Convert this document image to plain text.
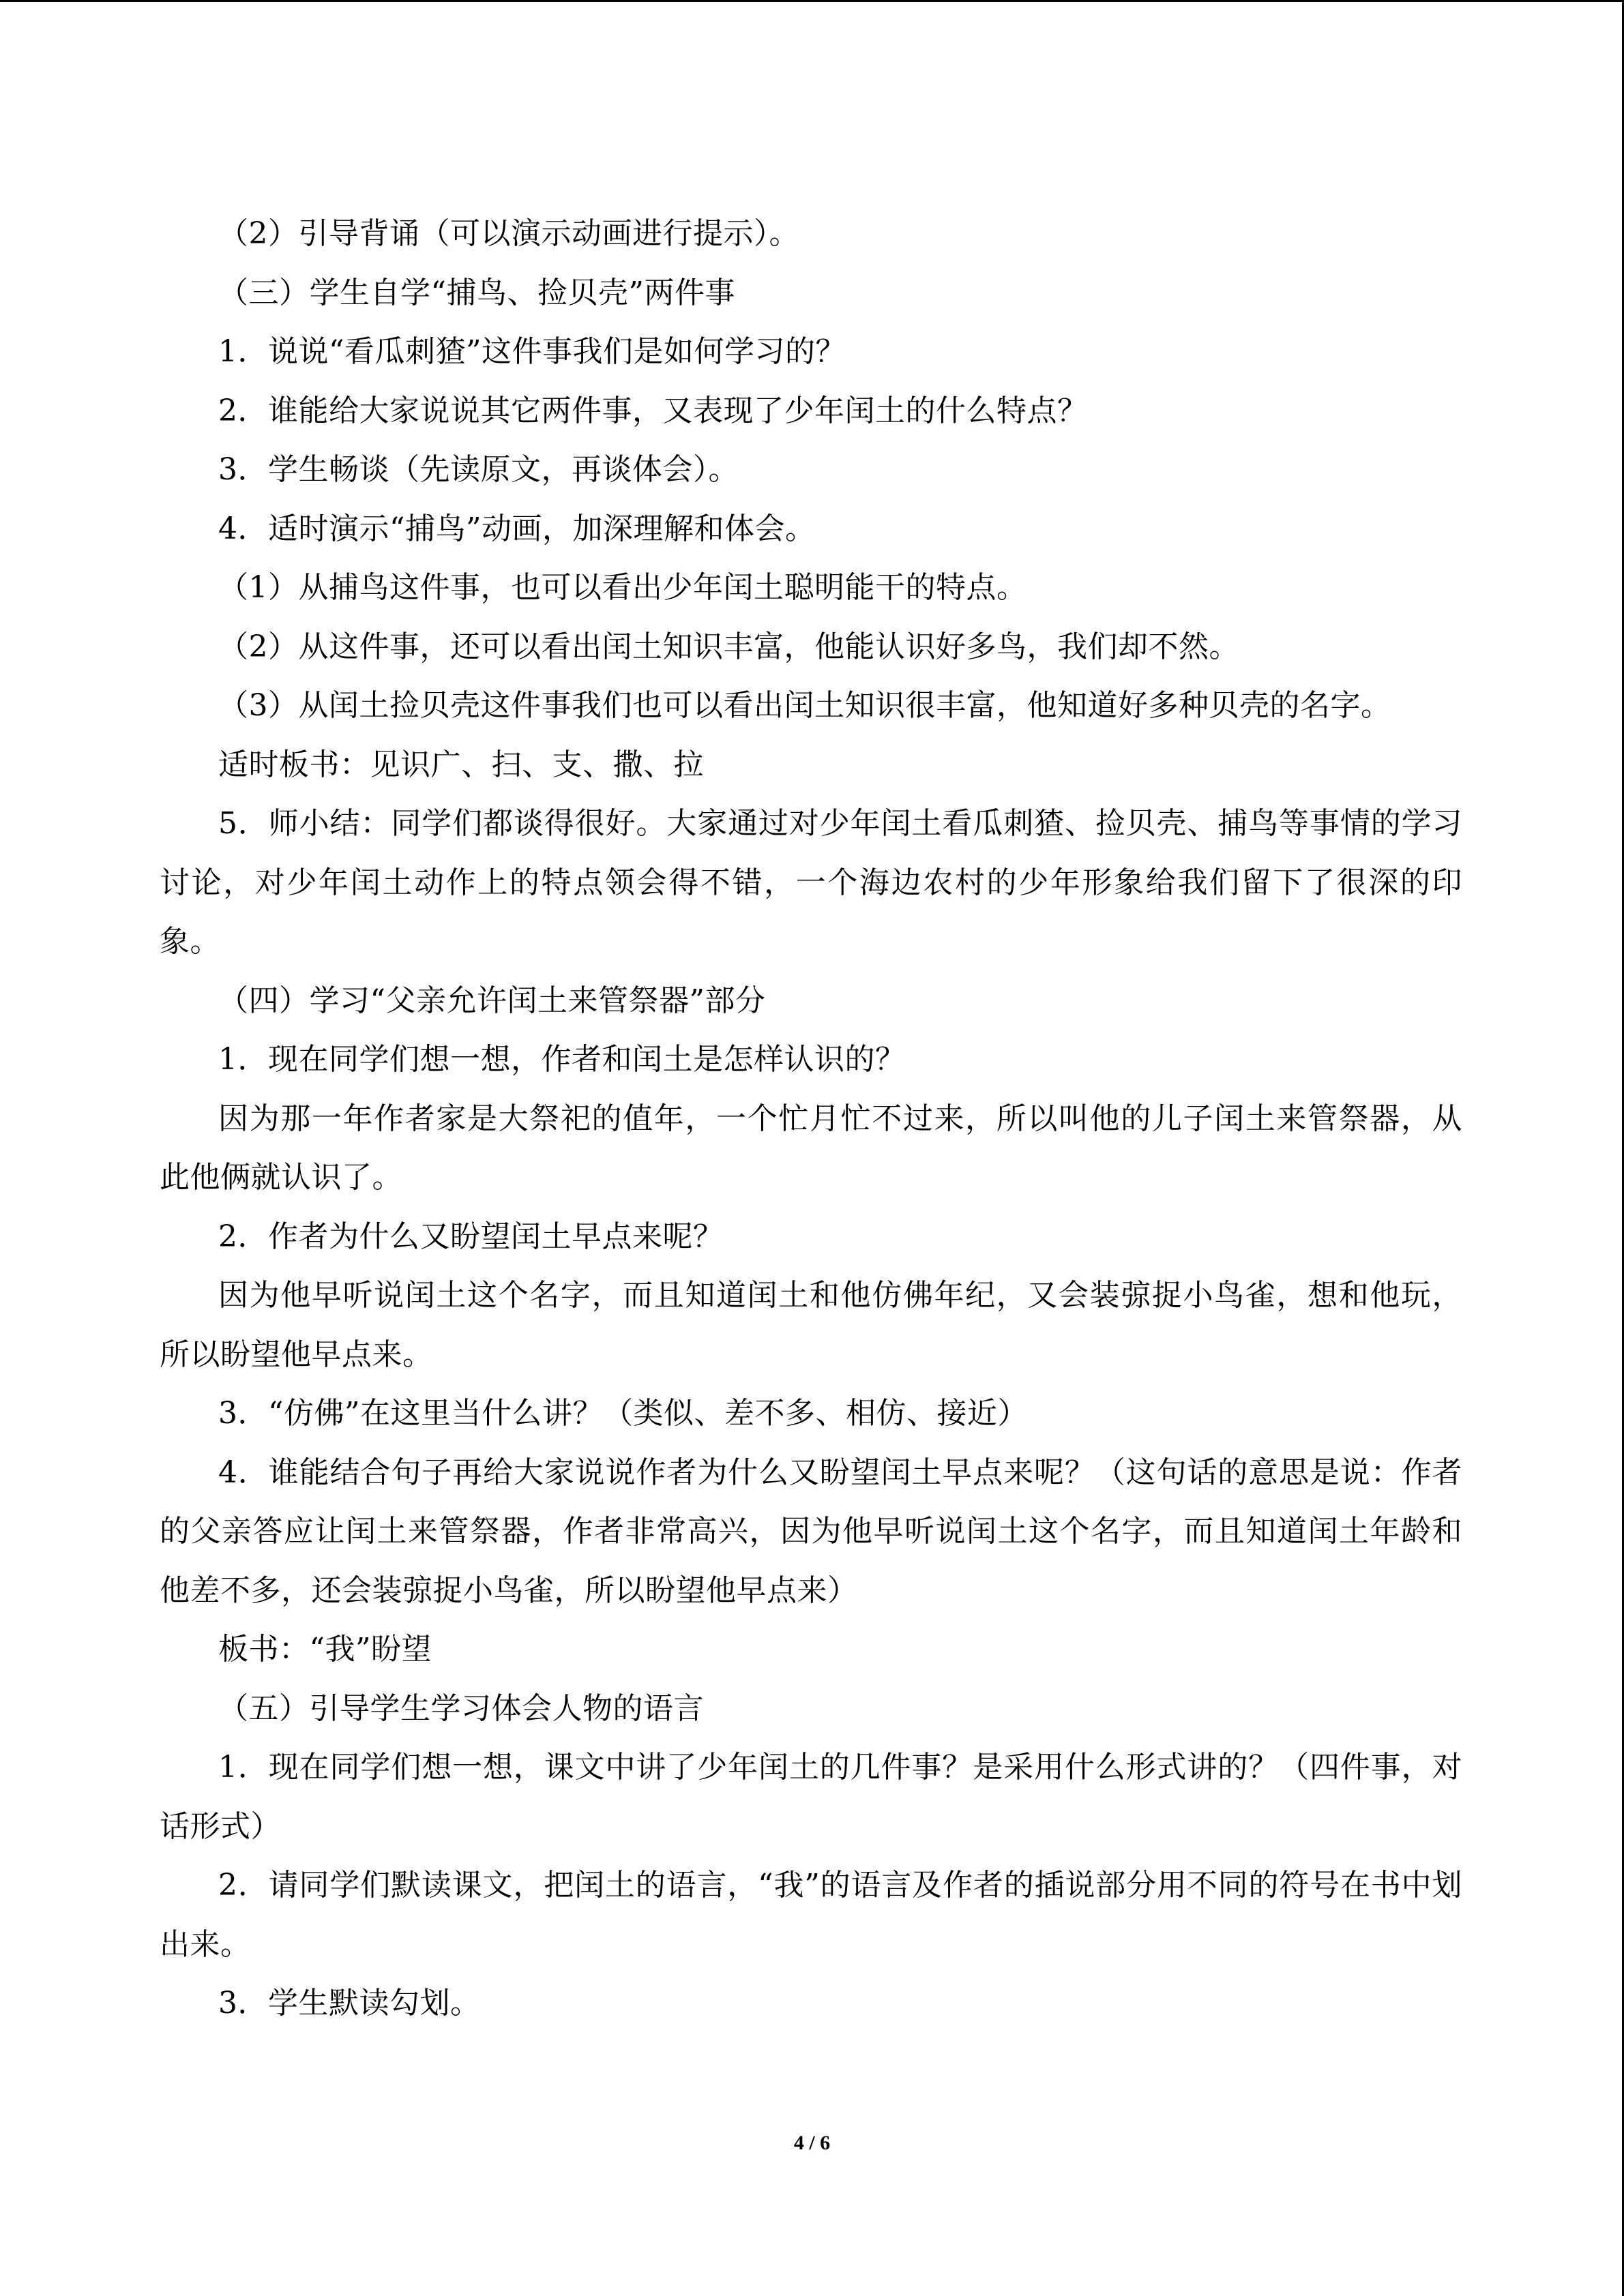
（2）引导背诵（可以演示动画进行提示）。

（三）学生自学“捕鸟、捡贝壳”两件事

1．说说“看瓜刺猹”这件事我们是如何学习的？

2．谁能给大家说说其它两件事，又表现了少年闰土的什么特点？

3．学生畅谈（先读原文，再谈体会）。

4．适时演示“捕鸟”动画，加深理解和体会。

（1）从捕鸟这件事，也可以看出少年闰土聪明能干的特点。

（2）从这件事，还可以看出闰土知识丰富，他能认识好多鸟，我们却不然。

（3）从闰土捡贝壳这件事我们也可以看出闰土知识很丰富，他知道好多种贝壳的名字。

适时板书：见识广、扫、支、撒、拉

5．师小结：同学们都谈得很好。大家通过对少年闰土看瓜刺猹、捡贝壳、捕鸟等事情的学习讨论，对少年闰土动作上的特点领会得不错，一个海边农村的少年形象给我们留下了很深的印象。

（四）学习“父亲允许闰土来管祭器”部分

1．现在同学们想一想，作者和闰土是怎样认识的？

因为那一年作者家是大祭祀的值年，一个忙月忙不过来，所以叫他的儿子闰土来管祭器，从此他俩就认识了。

2．作者为什么又盼望闰土早点来呢？

因为他早听说闰土这个名字，而且知道闰土和他仿佛年纪，又会装弶捉小鸟雀，想和他玩，所以盼望他早点来。

3．“仿佛”在这里当什么讲？（类似、差不多、相仿、接近）

4．谁能结合句子再给大家说说作者为什么又盼望闰土早点来呢？（这句话的意思是说：作者的父亲答应让闰土来管祭器，作者非常高兴，因为他早听说闰土这个名字，而且知道闰土年龄和他差不多，还会装弶捉小鸟雀，所以盼望他早点来）

板书：“我”盼望

（五）引导学生学习体会人物的语言

1．现在同学们想一想，课文中讲了少年闰土的几件事？是采用什么形式讲的？（四件事，对话形式）

2．请同学们默读课文，把闰土的语言，“我”的语言及作者的插说部分用不同的符号在书中划出来。

3．学生默读勾划。

4 / 6
